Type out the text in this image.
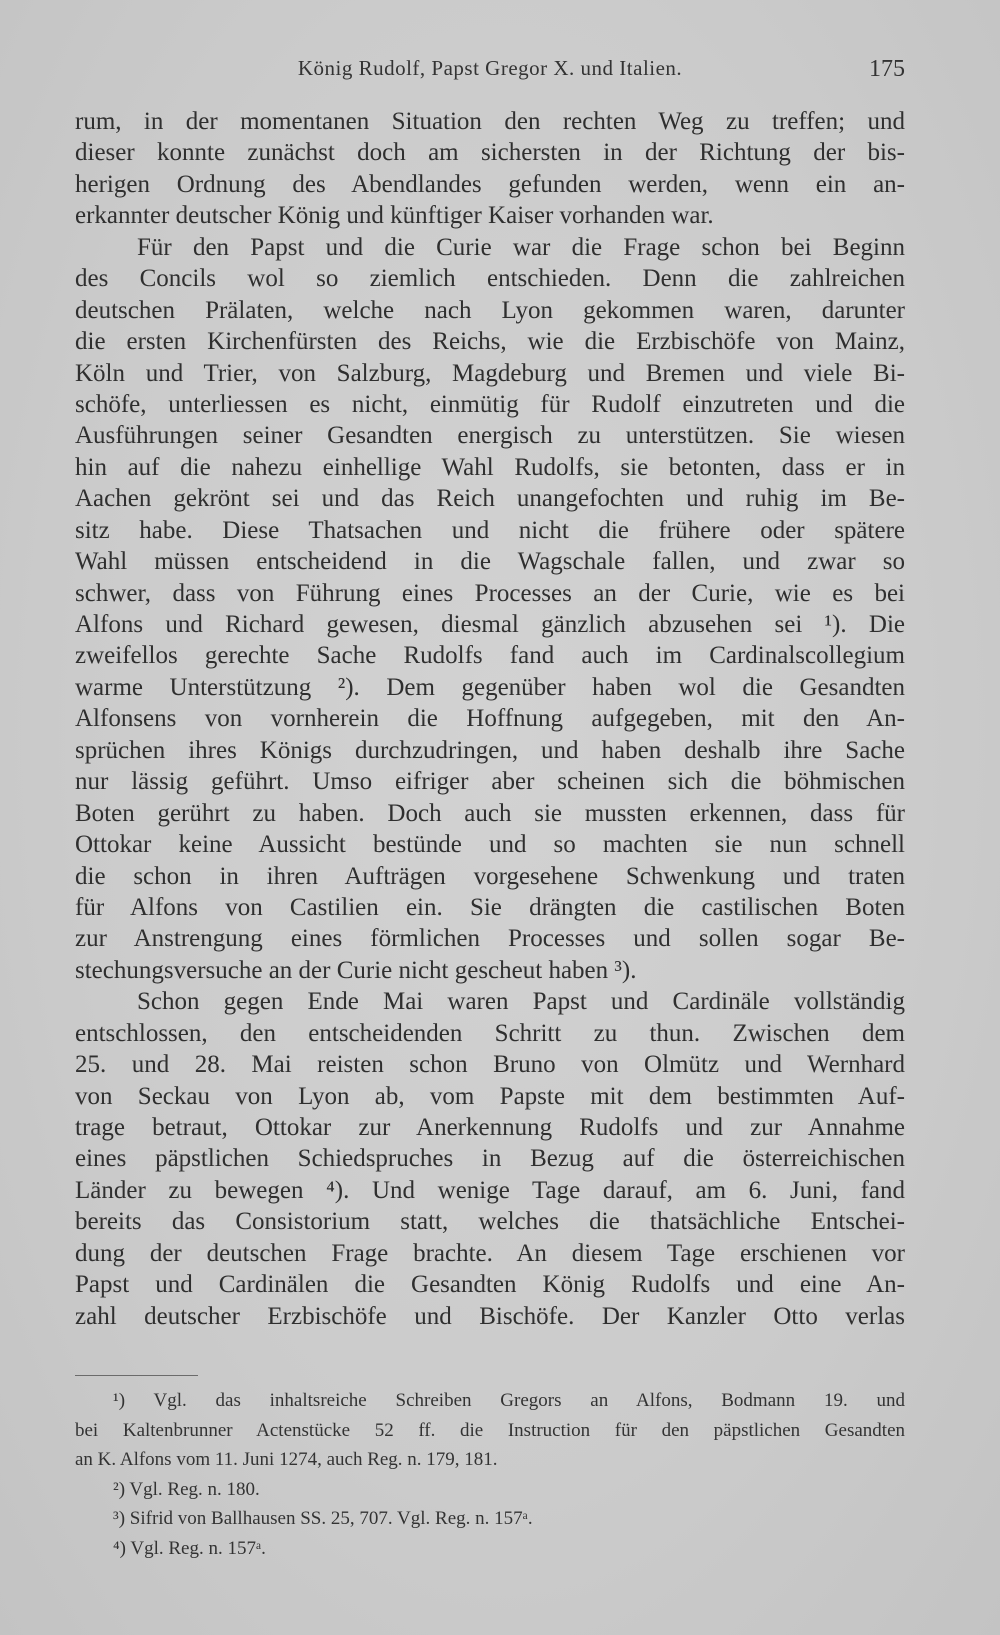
König Rudolf, Papst Gregor X. und Italien.	175
rum, in der momentanen Situation den rechten Weg zu treffen; und
dieser konnte zunächst doch am sichersten in der Richtung der bis-
herigen Ordnung des Abendlandes gefunden werden, wenn ein an-
erkannter deutscher König und künftiger Kaiser vorhanden war.
Für den Papst und die Curie war die Frage schon bei Beginn
des Concils wol so ziemlich entschieden. Denn die zahlreichen
deutschen Prälaten, welche nach Lyon gekommen waren, darunter
die ersten Kirchenfürsten des Reichs, wie die Erzbischöfe von Mainz,
Köln und Trier, von Salzburg, Magdeburg und Bremen und viele Bi-
schöfe, unterliessen es nicht, einmütig für Rudolf einzutreten und die
Ausführungen seiner Gesandten energisch zu unterstützen. Sie wiesen
hin auf die nahezu einhellige Wahl Rudolfs, sie betonten, dass er in
Aachen gekrönt sei und das Reich unangefochten und ruhig im Be-
sitz habe. Diese Thatsachen und nicht die frühere oder spätere
Wahl müssen entscheidend in die Wagschale fallen, und zwar so
schwer, dass von Führung eines Processes an der Curie, wie es bei
Alfons und Richard gewesen, diesmal gänzlich abzusehen sei ¹). Die
zweifellos gerechte Sache Rudolfs fand auch im Cardinalscollegium
warme Unterstützung ²). Dem gegenüber haben wol die Gesandten
Alfonsens von vornherein die Hoffnung aufgegeben, mit den An-
sprüchen ihres Königs durchzudringen, und haben deshalb ihre Sache
nur lässig geführt. Umso eifriger aber scheinen sich die böhmischen
Boten gerührt zu haben. Doch auch sie mussten erkennen, dass für
Ottokar keine Aussicht bestünde und so machten sie nun schnell
die schon in ihren Aufträgen vorgesehene Schwenkung und traten
für Alfons von Castilien ein. Sie drängten die castilischen Boten
zur Anstrengung eines förmlichen Processes und sollen sogar Be-
stechungsversuche an der Curie nicht gescheut haben ³).
Schon gegen Ende Mai waren Papst und Cardinäle vollständig
entschlossen, den entscheidenden Schritt zu thun. Zwischen dem
25. und 28. Mai reisten schon Bruno von Olmütz und Wernhard
von Seckau von Lyon ab, vom Papste mit dem bestimmten Auf-
trage betraut, Ottokar zur Anerkennung Rudolfs und zur Annahme
eines päpstlichen Schiedspruches in Bezug auf die österreichischen
Länder zu bewegen ⁴). Und wenige Tage darauf, am 6. Juni, fand
bereits das Consistorium statt, welches die thatsächliche Entschei-
dung der deutschen Frage brachte. An diesem Tage erschienen vor
Papst und Cardinälen die Gesandten König Rudolfs und eine An-
zahl deutscher Erzbischöfe und Bischöfe. Der Kanzler Otto verlas
¹) Vgl. das inhaltsreiche Schreiben Gregors an Alfons, Bodmann 19. und
bei Kaltenbrunner Actenstücke 52 ff. die Instruction für den päpstlichen Gesandten
an K. Alfons vom 11. Juni 1274, auch Reg. n. 179, 181.
²) Vgl. Reg. n. 180.
³) Sifrid von Ballhausen SS. 25, 707. Vgl. Reg. n. 157ᵃ.
⁴) Vgl. Reg. n. 157ᵃ.
